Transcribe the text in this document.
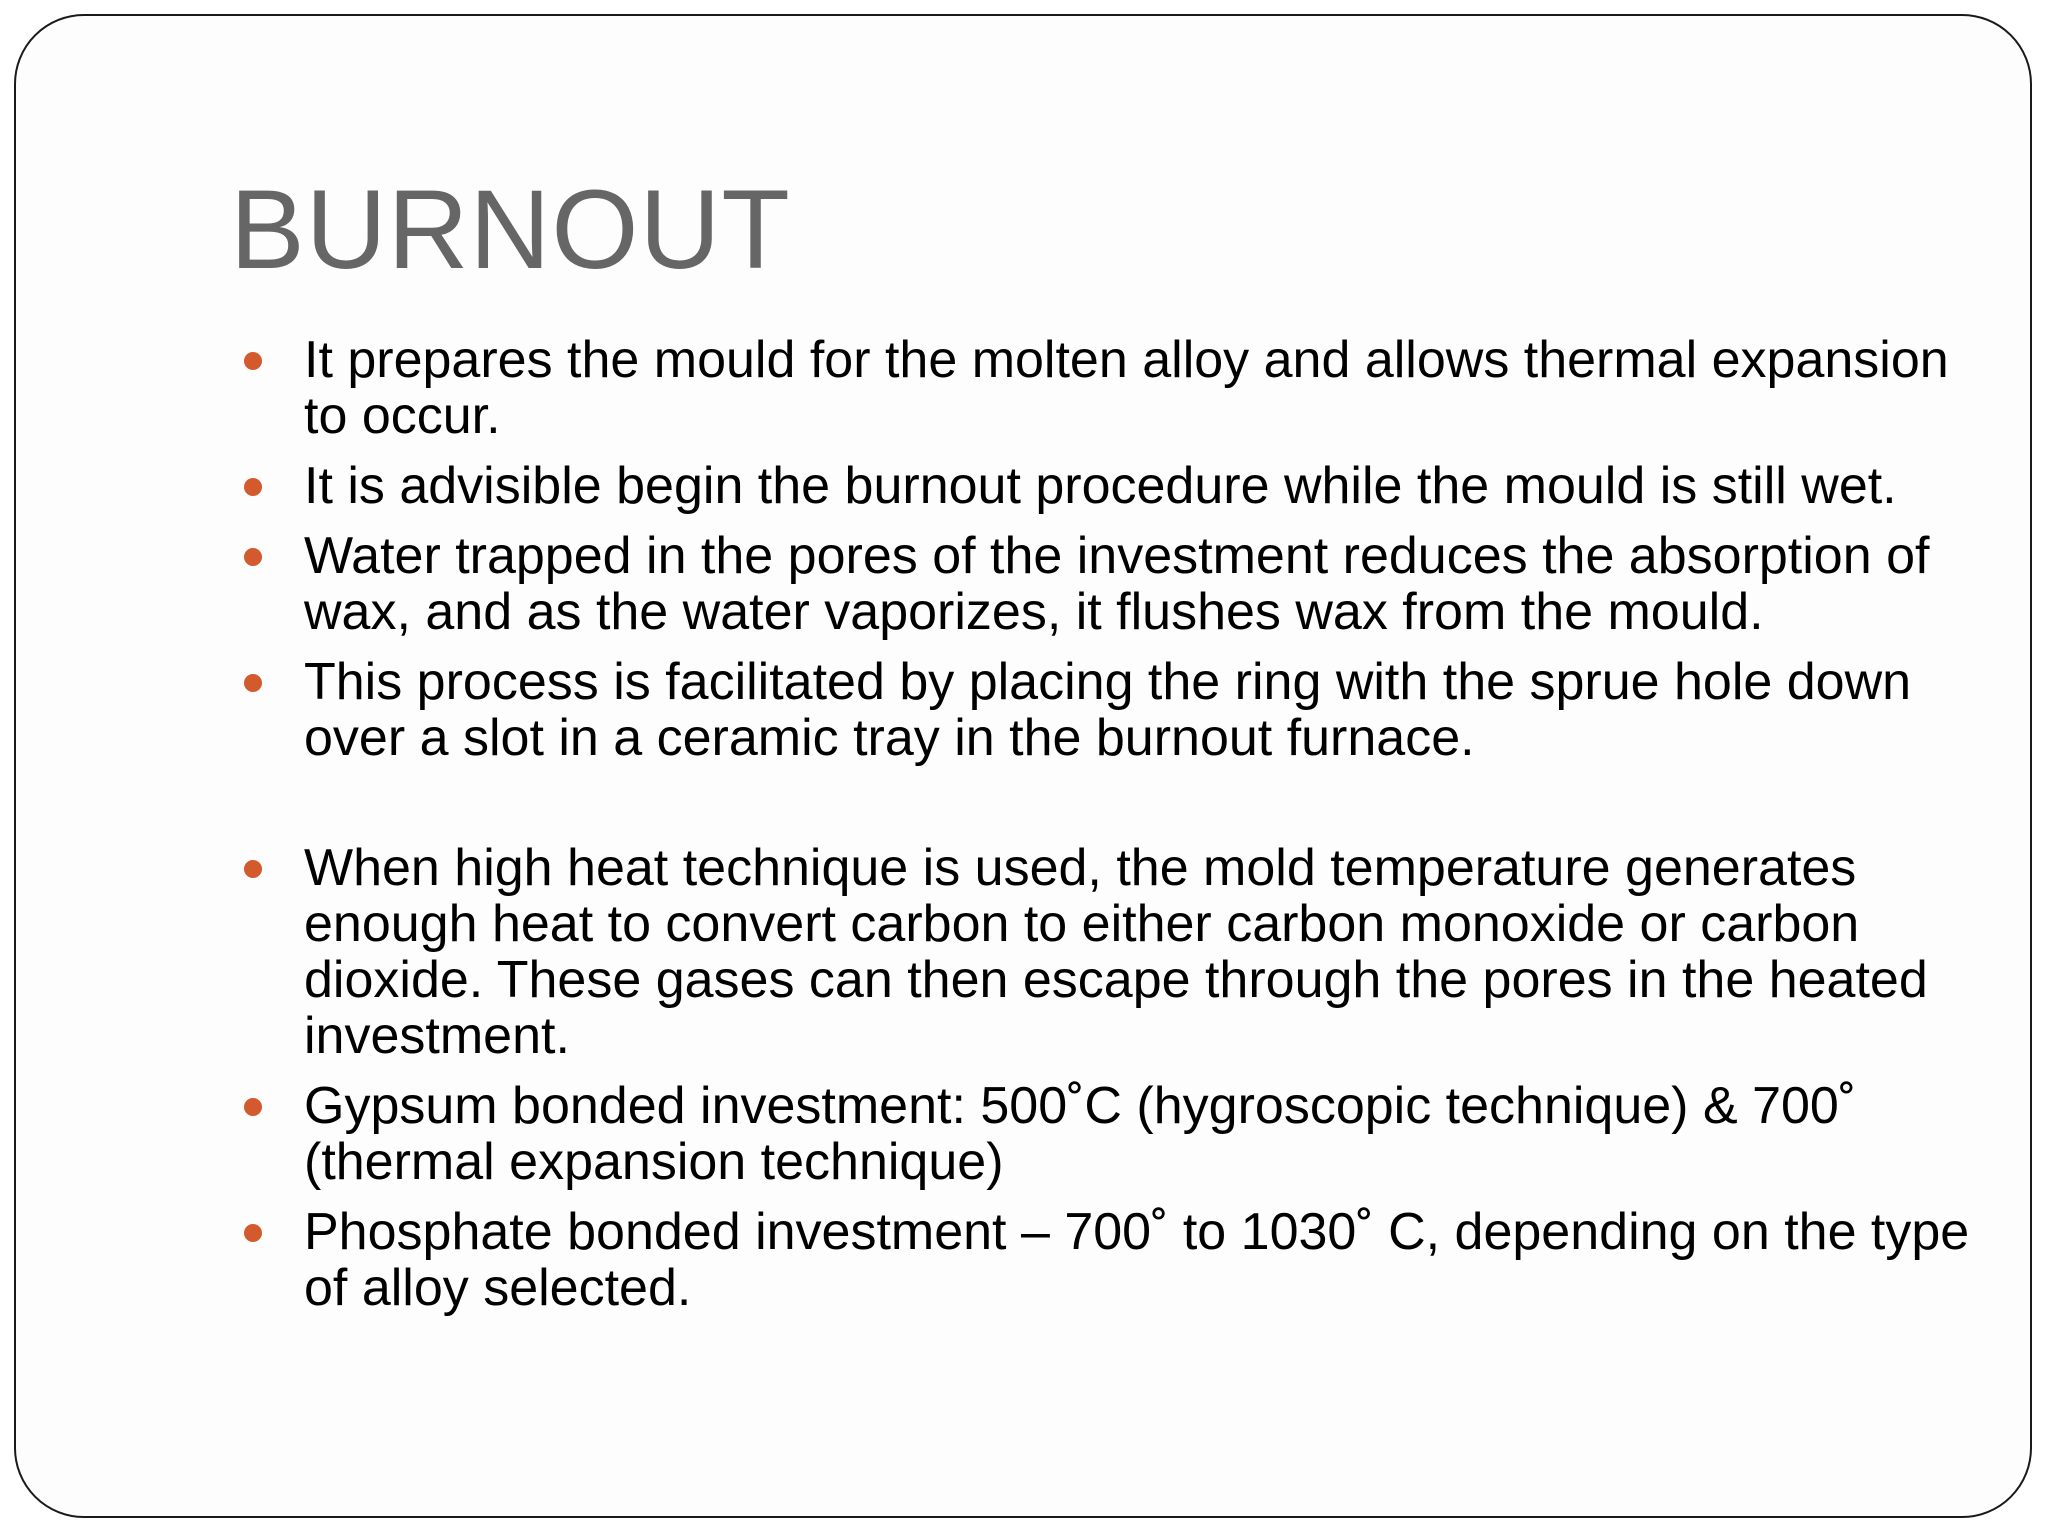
BURNOUT
It prepares the mould for the molten alloy and allows thermal expansion to occur.
It is advisible begin the burnout procedure while the mould is still wet.
Water trapped in the pores of the investment reduces the absorption of wax, and as the water vaporizes, it flushes wax from the mould.
This process is facilitated by placing the ring with the sprue hole down over a slot in a ceramic tray in the burnout furnace.
When high heat technique is used, the mold temperature generates enough heat to convert carbon to either carbon monoxide or carbon dioxide. These gases can then escape through the pores in the heated investment.
Gypsum bonded investment: 500˚C (hygroscopic technique) & 700˚ (thermal expansion technique)
Phosphate bonded investment – 700˚ to 1030˚ C, depending on the type of alloy selected.
